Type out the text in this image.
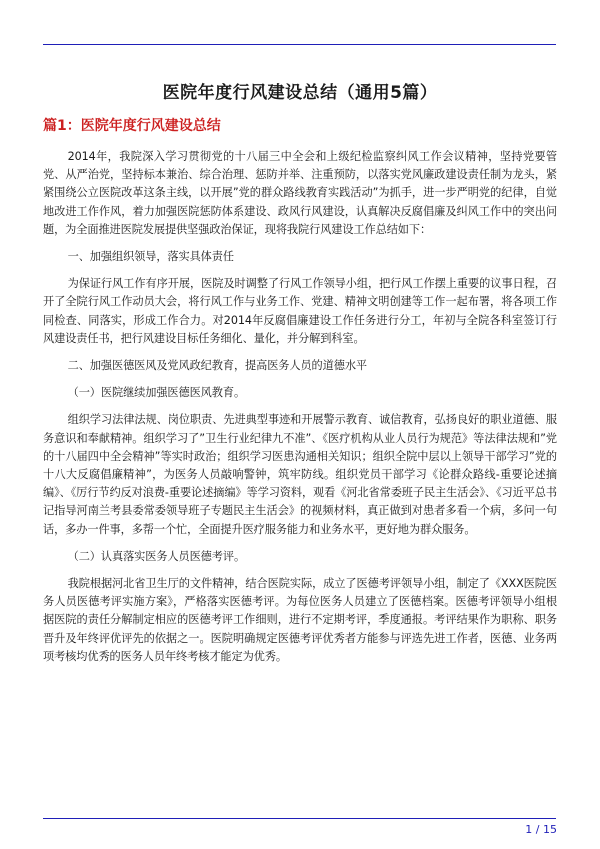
医院年度行风建设总结（通用5篇）
篇1：医院年度行风建设总结

2014年，我院深入学习贯彻党的十八届三中全会和上级纪检监察纠风工作会议精神，坚持党要管党、从严治党，坚持标本兼治、综合治理、惩防并举、注重预防，以落实党风廉政建设责任制为龙头，紧紧围绕公立医院改革这条主线，以开展”党的群众路线教育实践活动”为抓手，进一步严明党的纪律，自觉地改进工作作风，着力加强医院惩防体系建设、政风行风建设，认真解决反腐倡廉及纠风工作中的突出问题，为全面推进医院发展提供坚强政治保证，现将我院行风建设工作总结如下：

一、加强组织领导，落实具体责任

为保证行风工作有序开展，医院及时调整了行风工作领导小组，把行风工作摆上重要的议事日程，召开了全院行风工作动员大会，将行风工作与业务工作、党建、精神文明创建等工作一起布署，将各项工作同检查、同落实，形成工作合力。对2014年反腐倡廉建设工作任务进行分工，年初与全院各科室签订行风建设责任书，把行风建设目标任务细化、量化，并分解到科室。

二、加强医德医风及党风政纪教育，提高医务人员的道德水平

（一）医院继续加强医德医风教育。

组织学习法律法规、岗位职责、先进典型事迹和开展警示教育、诚信教育，弘扬良好的职业道德、服务意识和奉献精神。组织学习了”卫生行业纪律九不准”、《医疗机构从业人员行为规范》等法律法规和”党的十八届四中全会精神”等实时政治；组织学习医患沟通相关知识；组织全院中层以上领导干部学习”党的十八大反腐倡廉精神”，为医务人员敲响警钟，筑牢防线。组织党员干部学习《论群众路线-重要论述摘编》、《厉行节约反对浪费-重要论述摘编》等学习资料，观看《河北省常委班子民主生活会》、《习近平总书记指导河南兰考县委常委领导班子专题民主生活会》的视频材料，真正做到对患者多看一个病，多问一句话，多办一件事，多帮一个忙，全面提升医疗服务能力和业务水平，更好地为群众服务。

（二）认真落实医务人员医德考评。

我院根据河北省卫生厅的文件精神，结合医院实际，成立了医德考评领导小组，制定了《XXX医院医务人员医德考评实施方案》，严格落实医德考评。为每位医务人员建立了医德档案。医德考评领导小组根据医院的责任分解制定相应的医德考评工作细则，进行不定期考评，季度通报。考评结果作为职称、职务晋升及年终评优评先的依据之一。医院明确规定医德考评优秀者方能参与评选先进工作者，医德、业务两项考核均优秀的医务人员年终考核才能定为优秀。

1 / 15
